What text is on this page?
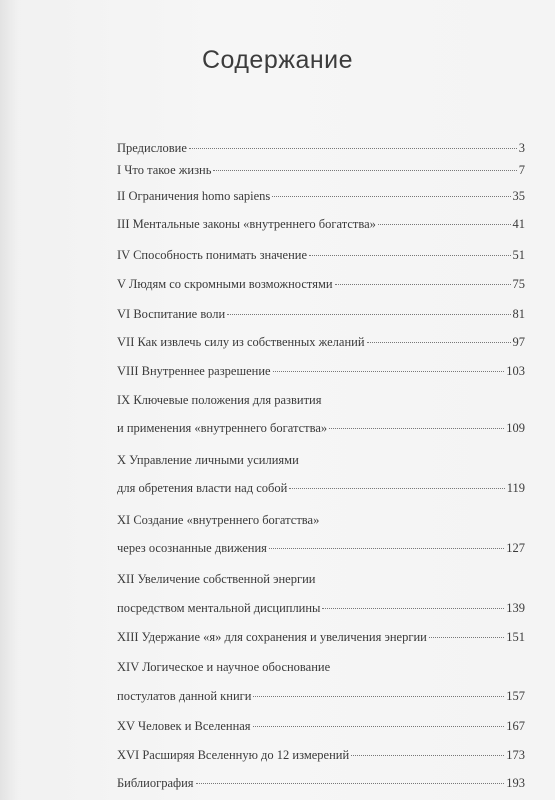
Содержание
Предисловие	3
I Что такое жизнь	7
II Ограничения homo sapiens	35
III Ментальные законы «внутреннего богатства»	41
IV Способность понимать значение	51
V Людям со скромными возможностями	75
VI Воспитание воли	81
VII Как извлечь силу из собственных желаний	97
VIII Внутреннее разрешение	103
IX Ключевые положения для развития
и применения «внутреннего богатства»	109
X Управление личными усилиями
для обретения власти над собой	119
XI Создание «внутреннего богатства»
через осознанные движения	127
XII Увеличение собственной энергии
посредством ментальной дисциплины	139
XIII Удержание «я» для сохранения и увеличения энергии	151
XIV Логическое и научное обоснование
постулатов данной книги	157
XV Человек и Вселенная	167
XVI Расширяя Вселенную до 12 измерений	173
Библиография	193
